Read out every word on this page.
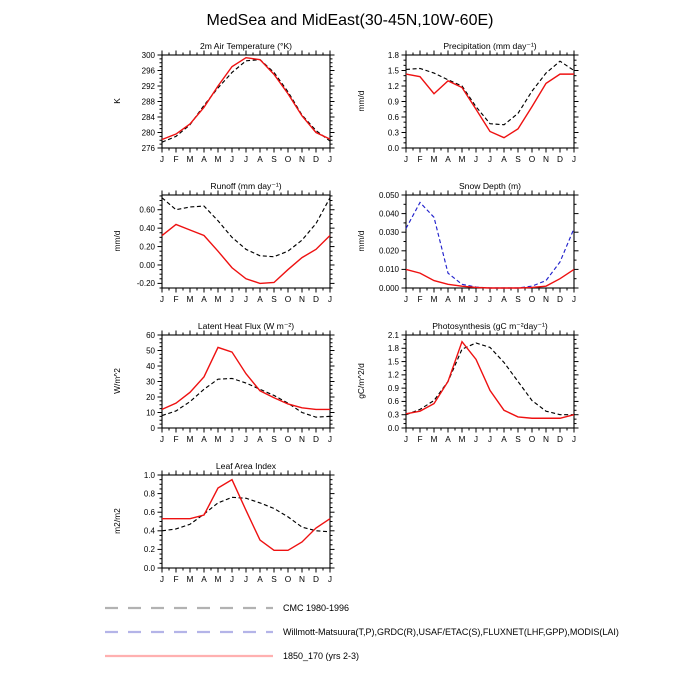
MedSea and MidEast(30-45N,10W-60E)
2m Air Temperature (°K)
K
J F M A M J J A S O N D J
276
280
284
288
292
296
300
Precipitation (mm day⁻¹)
mm/d
J F M A M J J A S O N D J
0.0
0.3
0.6
0.9
1.2
1.5
1.8
Runoff (mm day⁻¹)
mm/d
J F M A M J J A S O N D J
-0.20
0.00
0.20
0.40
0.60
Snow Depth (m)
mm/d
J F M A M J J A S O N D J
0.000
0.010
0.020
0.030
0.040
0.050
Latent Heat Flux (W m⁻²)
W/m^2
J F M A M J J A S O N D J
0
10
20
30
40
50
60
Photosynthesis (gC m⁻²day⁻¹)
gC/m^2/d
J F M A M J J A S O N D J
0.0
0.3
0.6
0.9
1.2
1.5
1.8
2.1
Leaf Area Index
m2/m2
J F M A M J J A S O N D J
0.0
0.2
0.4
0.6
0.8
1.0
CMC 1980-1996
Willmott-Matsuura(T,P),GRDC(R),USAF/ETAC(S),FLUXNET(LHF,GPP),MODIS(LAI)
1850_170 (yrs 2-3)
